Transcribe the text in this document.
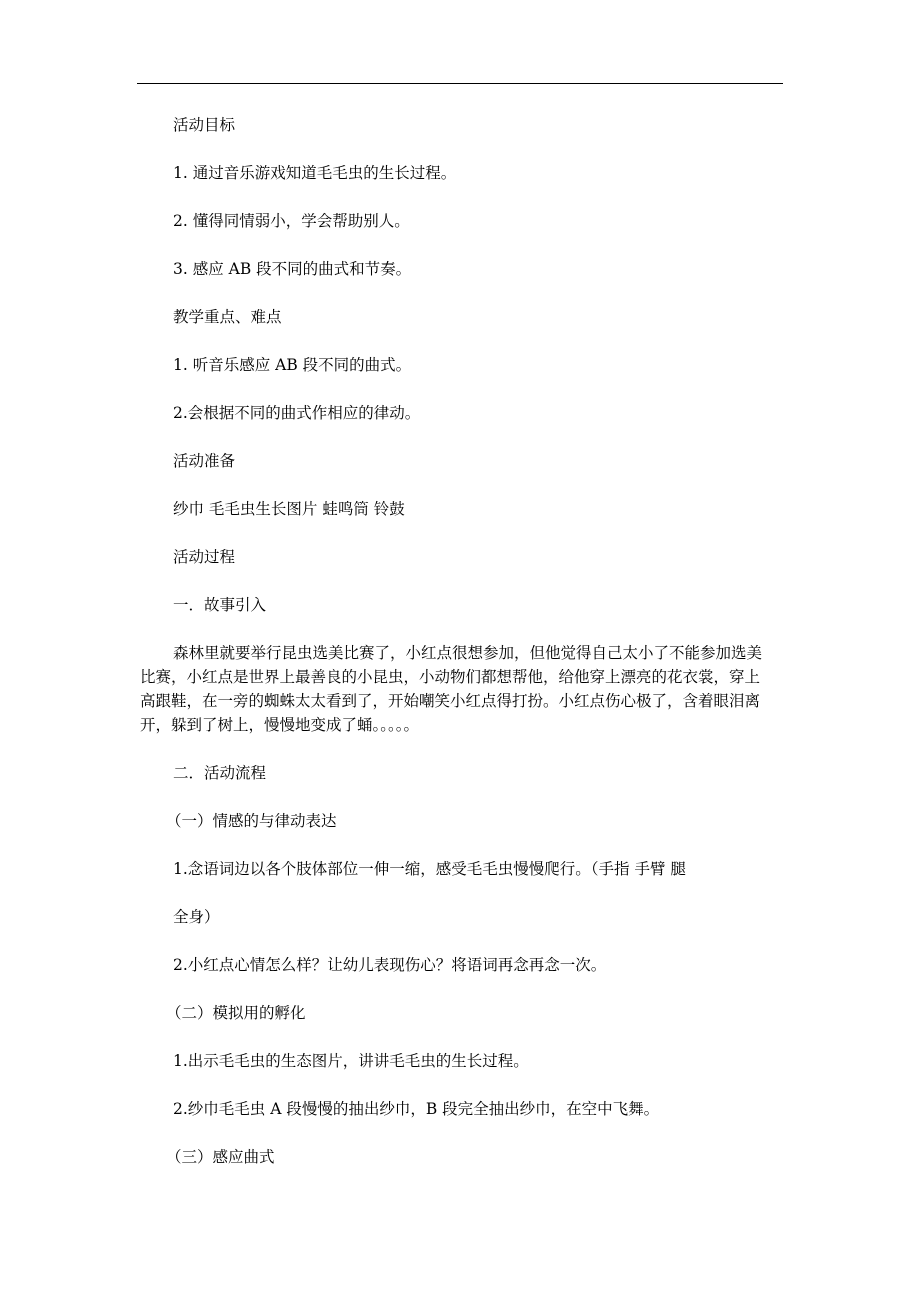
活动目标
1. 通过音乐游戏知道毛毛虫的生长过程。
2. 懂得同情弱小，学会帮助别人。
3. 感应 AB 段不同的曲式和节奏。
教学重点、难点
1. 听音乐感应 AB 段不同的曲式。
2.会根据不同的曲式作相应的律动。
活动准备
纱巾 毛毛虫生长图片 蛙鸣筒 铃鼓
活动过程
一．故事引入
森林里就要举行昆虫选美比赛了，小红点很想参加，但他觉得自己太小了不能参加选美
比赛，小红点是世界上最善良的小昆虫，小动物们都想帮他，给他穿上漂亮的花衣裳，穿上
高跟鞋，在一旁的蜘蛛太太看到了，开始嘲笑小红点得打扮。小红点伤心极了，含着眼泪离
开，躲到了树上，慢慢地变成了蛹。。。。。
二．活动流程
（一）情感的与律动表达
1.念语词边以各个肢体部位一伸一缩，感受毛毛虫慢慢爬行。（手指 手臂 腿
全身）
2.小红点心情怎么样？让幼儿表现伤心？将语词再念再念一次。
（二）模拟用的孵化
1.出示毛毛虫的生态图片，讲讲毛毛虫的生长过程。
2.纱巾毛毛虫 A 段慢慢的抽出纱巾，B 段完全抽出纱巾，在空中飞舞。
（三）感应曲式
